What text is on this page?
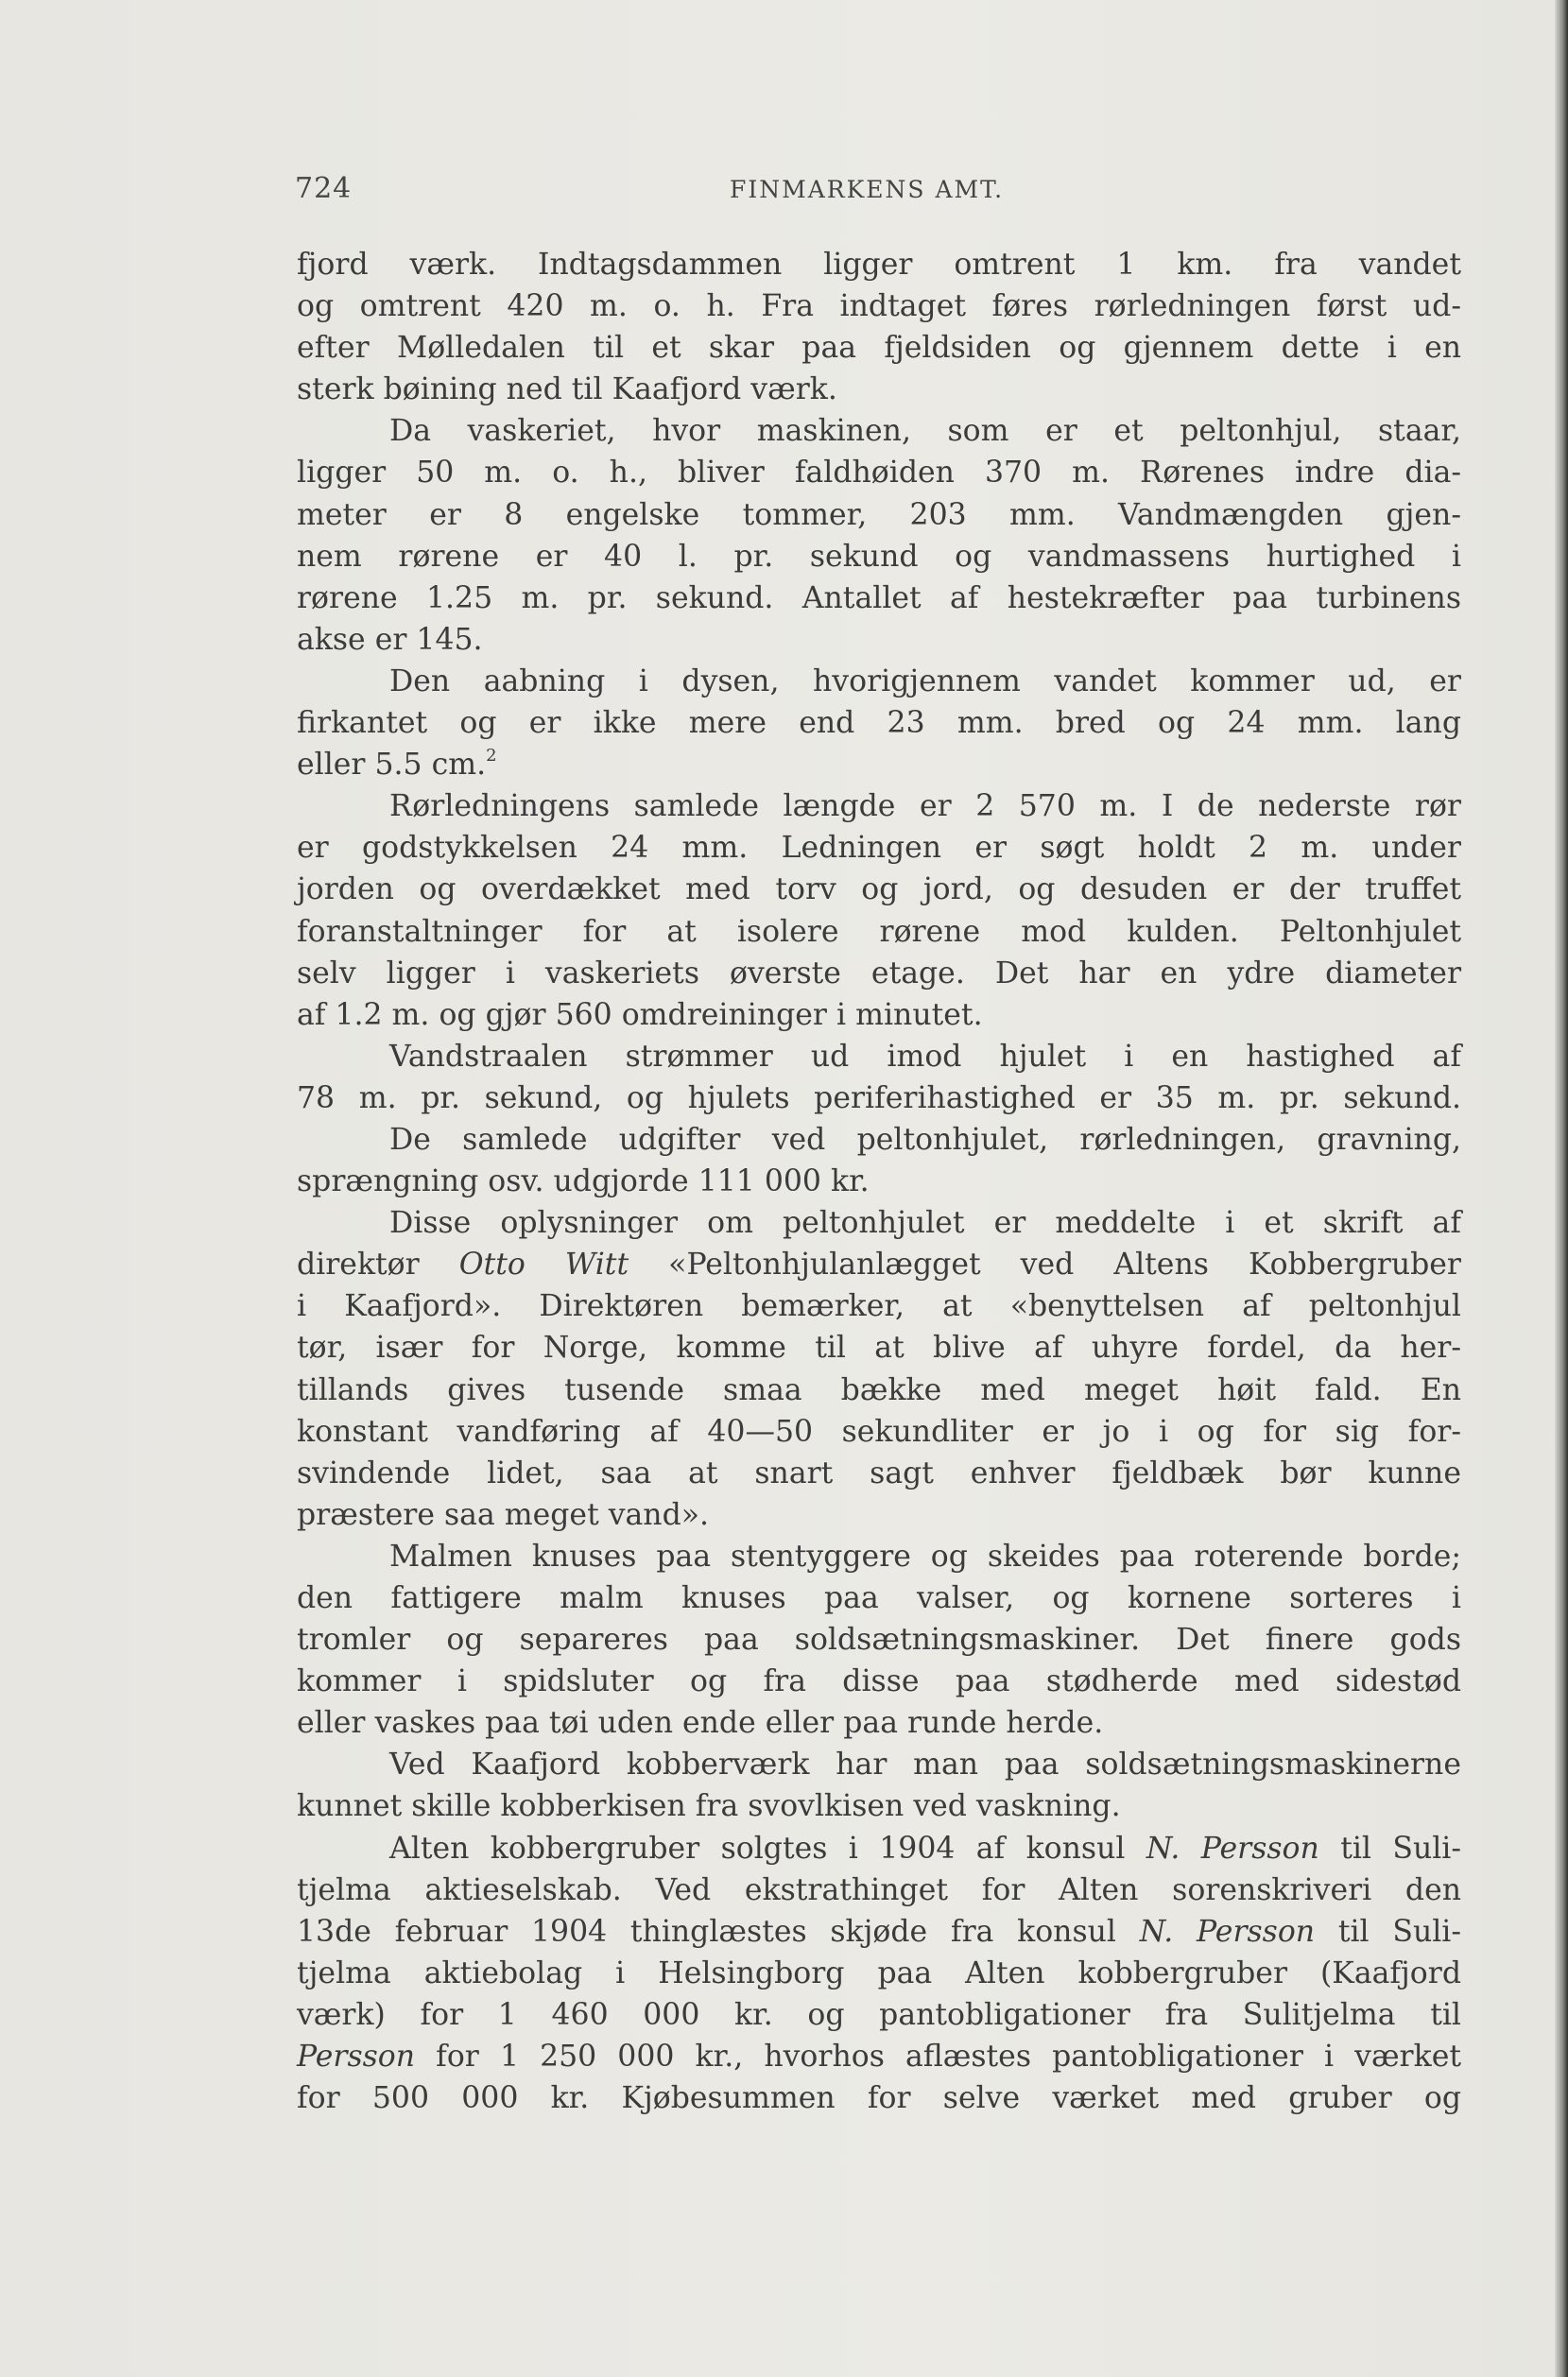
724	FINMARKENS AMT.
fjord værk. Indtagsdammen ligger omtrent 1 km. fra vandet
og omtrent 420 m. o. h. Fra indtaget føres rørledningen først ud-
efter Mølledalen til et skar paa fjeldsiden og gjennem dette i en
sterk bøining ned til Kaafjord værk.
Da vaskeriet, hvor maskinen, som er et peltonhjul, staar,
ligger 50 m. o. h., bliver faldhøiden 370 m. Rørenes indre dia-
meter er 8 engelske tommer, 203 mm. Vandmængden gjen-
nem rørene er 40 l. pr. sekund og vandmassens hurtighed i
rørene 1.25 m. pr. sekund. Antallet af hestekræfter paa turbinens
akse er 145.
Den aabning i dysen, hvorigjennem vandet kommer ud, er
firkantet og er ikke mere end 23 mm. bred og 24 mm. lang
eller 5.5 cm.$^2$
Rørledningens samlede længde er 2 570 m. I de nederste rør
er godstykkelsen 24 mm. Ledningen er søgt holdt 2 m. under
jorden og overdækket med torv og jord, og desuden er der truffet
foranstaltninger for at isolere rørene mod kulden. Peltonhjulet
selv ligger i vaskeriets øverste etage. Det har en ydre diameter
af 1.2 m. og gjør 560 omdreininger i minutet.
Vandstraalen strømmer ud imod hjulet i en hastighed af
78 m. pr. sekund, og hjulets periferihastighed er 35 m. pr. sekund.
De samlede udgifter ved peltonhjulet, rørledningen, gravning,
sprængning osv. udgjorde 111 000 kr.
Disse oplysninger om peltonhjulet er meddelte i et skrift af
direktør Otto Witt «Peltonhjulanlægget ved Altens Kobbergruber
i Kaafjord». Direktøren bemærker, at «benyttelsen af peltonhjul
tør, især for Norge, komme til at blive af uhyre fordel, da her-
tillands gives tusende smaa bække med meget høit fald. En
konstant vandføring af 40—50 sekundliter er jo i og for sig for-
svindende lidet, saa at snart sagt enhver fjeldbæk bør kunne
præstere saa meget vand».
Malmen knuses paa stentyggere og skeides paa roterende borde;
den fattigere malm knuses paa valser, og kornene sorteres i
tromler og separeres paa soldsætningsmaskiner. Det finere gods
kommer i spidsluter og fra disse paa stødherde med sidestød
eller vaskes paa tøi uden ende eller paa runde herde.
Ved Kaafjord kobberværk har man paa soldsætningsmaskinerne
kunnet skille kobberkisen fra svovlkisen ved vaskning.
Alten kobbergruber solgtes i 1904 af konsul N. Persson til Suli-
tjelma aktieselskab. Ved ekstrathinget for Alten sorenskriveri den
13de februar 1904 thinglæstes skjøde fra konsul N. Persson til Suli-
tjelma aktiebolag i Helsingborg paa Alten kobbergruber (Kaafjord
værk) for 1 460 000 kr. og pantobligationer fra Sulitjelma til
Persson for 1 250 000 kr., hvorhos aflæstes pantobligationer i værket
for 500 000 kr. Kjøbesummen for selve værket med gruber og
